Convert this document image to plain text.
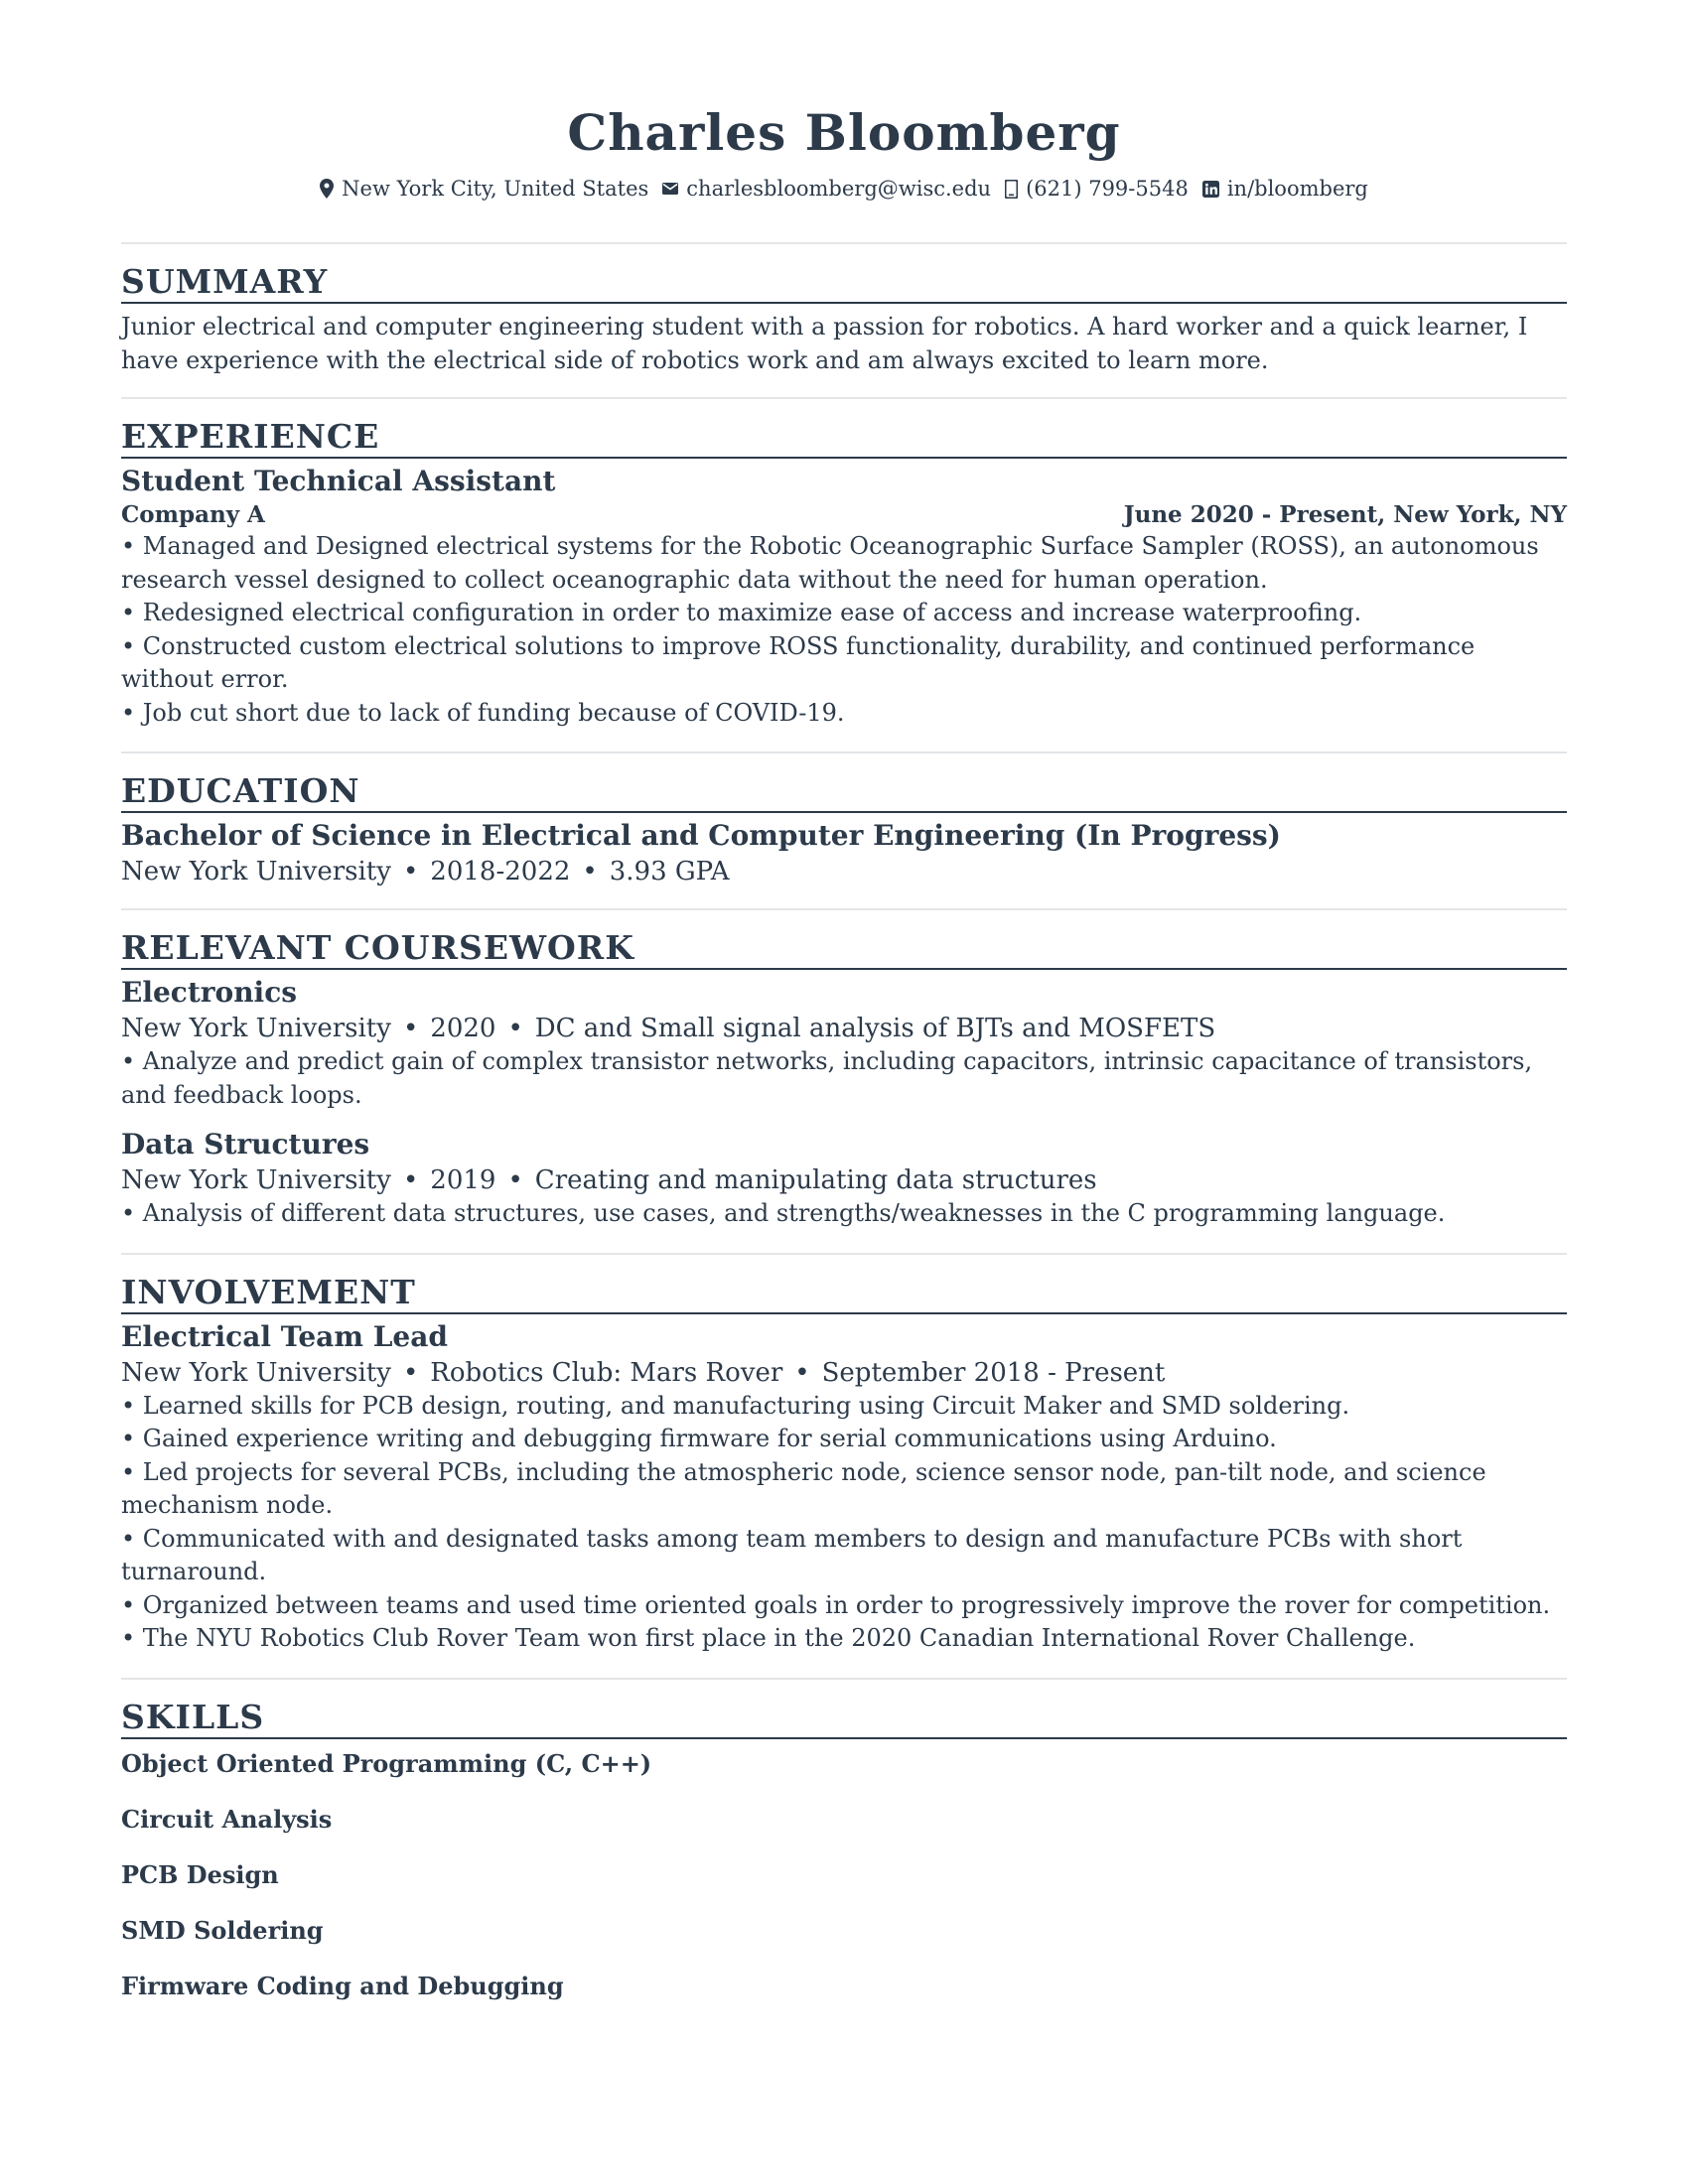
Charles Bloomberg
New York City, United States charlesbloomberg@wisc.edu (621) 799-5548 in/bloomberg
SUMMARY

Junior electrical and computer engineering student with a passion for robotics. A hard worker and a quick learner, I have experience with the electrical side of robotics work and am always excited to learn more.

EXPERIENCE
Student Technical Assistant
Company A	June 2020 - Present, New York, NY

• Managed and Designed electrical systems for the Robotic Oceanographic Surface Sampler (ROSS), an autonomous research vessel designed to collect oceanographic data without the need for human operation.

• Redesigned electrical configuration in order to maximize ease of access and increase waterproofing.

• Constructed custom electrical solutions to improve ROSS functionality, durability, and continued performance without error.

• Job cut short due to lack of funding because of COVID-19.

EDUCATION
Bachelor of Science in Electrical and Computer Engineering (In Progress)
New York University • 2018-2022 • 3.93 GPA
RELEVANT COURSEWORK
Electronics
New York University • 2020 • DC and Small signal analysis of BJTs and MOSFETS

• Analyze and predict gain of complex transistor networks, including capacitors, intrinsic capacitance of transistors, and feedback loops.

Data Structures
New York University • 2019 • Creating and manipulating data structures

• Analysis of different data structures, use cases, and strengths/weaknesses in the C programming language.

INVOLVEMENT
Electrical Team Lead
New York University • Robotics Club: Mars Rover • September 2018 - Present

• Learned skills for PCB design, routing, and manufacturing using Circuit Maker and SMD soldering.

• Gained experience writing and debugging firmware for serial communications using Arduino.

• Led projects for several PCBs, including the atmospheric node, science sensor node, pan-tilt node, and science mechanism node.

• Communicated with and designated tasks among team members to design and manufacture PCBs with short turnaround.

• Organized between teams and used time oriented goals in order to progressively improve the rover for competition.

• The NYU Robotics Club Rover Team won first place in the 2020 Canadian International Rover Challenge.

SKILLS
Object Oriented Programming (C, C++)
Circuit Analysis
PCB Design
SMD Soldering
Firmware Coding and Debugging
